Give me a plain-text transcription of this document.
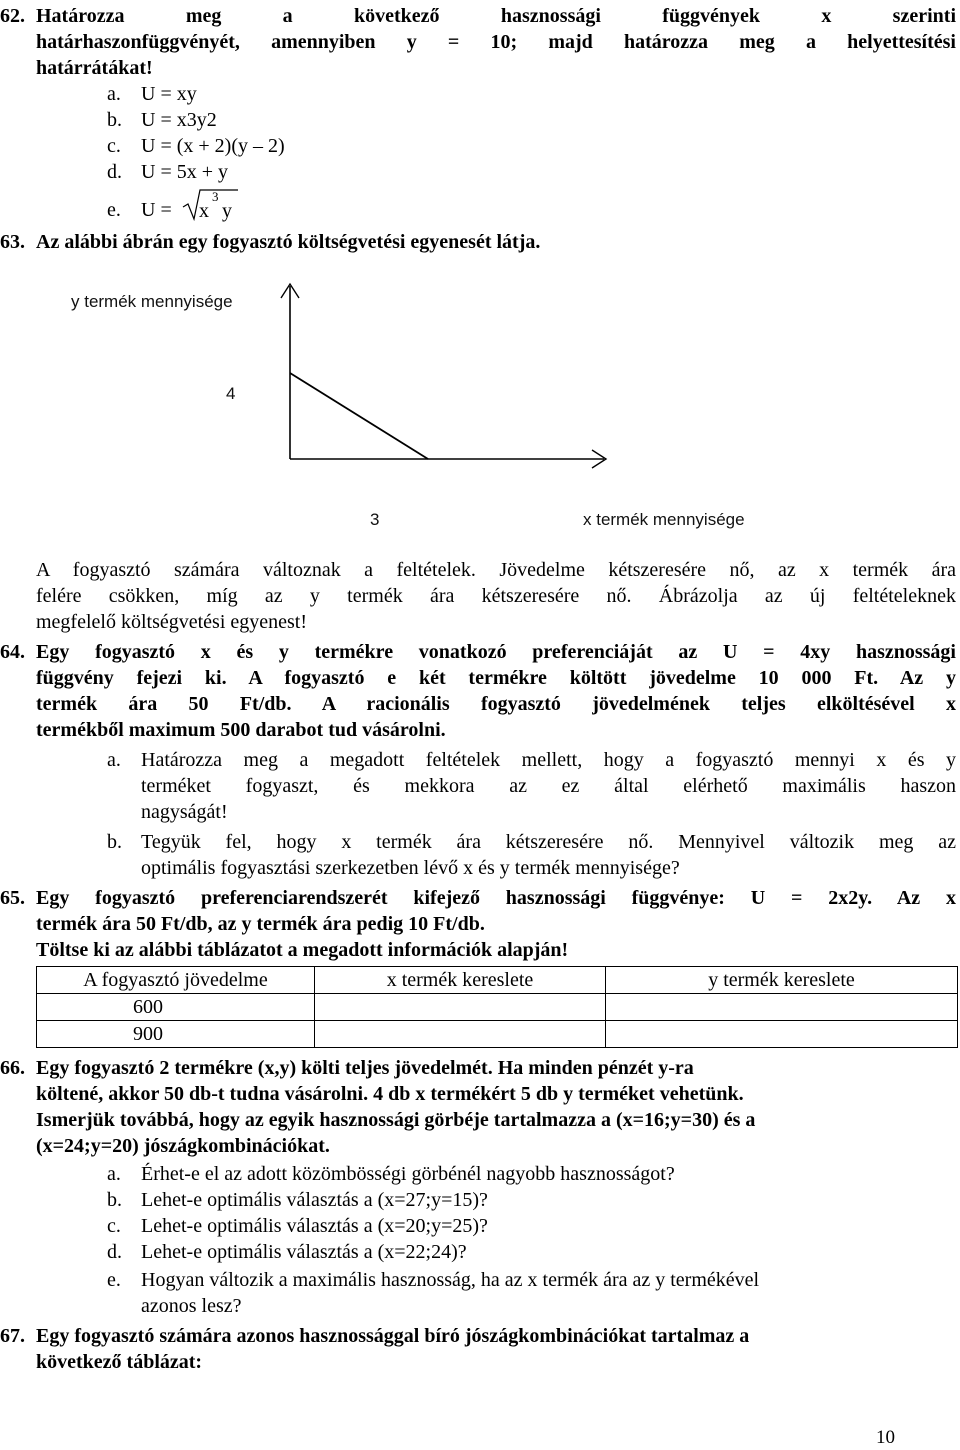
62. Határozza meg a következő hasznossági függvények x szerinti
határhaszonfüggvényét, amennyiben y = 10; majd határozza meg a helyettesítési
határrátákat!
a. U = xy
b. U = x3y2
c. U = (x + 2)(y – 2)
d. U = 5x + y
e. U = x
3
y
63. Az alábbi ábrán egy fogyasztó költségvetési egyenesét látja.
y termék mennyisége
4
3	x termék mennyisége
A fogyasztó számára változnak a feltételek. Jövedelme kétszeresére nő, az x termék ára
felére csökken, míg az y termék ára kétszeresére nő. Ábrázolja az új feltételeknek
megfelelő költségvetési egyenest!
64. Egy fogyasztó x és y termékre vonatkozó preferenciáját az U = 4xy hasznossági
függvény fejezi ki. A fogyasztó e két termékre költött jövedelme 10 000 Ft. Az y
termék ára 50 Ft/db. A racionális fogyasztó jövedelmének teljes elköltésével x
termékből maximum 500 darabot tud vásárolni.
a. Határozza meg a megadott feltételek mellett, hogy a fogyasztó mennyi x és y
terméket fogyaszt, és mekkora az ez által elérhető maximális haszon
nagyságát!
b. Tegyük fel, hogy x termék ára kétszeresére nő. Mennyivel változik meg az
optimális fogyasztási szerkezetben lévő x és y termék mennyisége?
65. Egy fogyasztó preferenciarendszerét kifejező hasznossági függvénye: U = 2x2y. Az x
termék ára 50 Ft/db, az y termék ára pedig 10 Ft/db.
Töltse ki az alábbi táblázatot a megadott információk alapján!
A fogyasztó jövedelme	x termék kereslete	y termék kereslete
600		
900		
66. Egy fogyasztó 2 termékre (x,y) költi teljes jövedelmét. Ha minden pénzét y-ra
költené, akkor 50 db-t tudna vásárolni. 4 db x termékért 5 db y terméket vehetünk.
Ismerjük továbbá, hogy az egyik hasznossági görbéje tartalmazza a (x=16;y=30) és a
(x=24;y=20) jószágkombinációkat.
a. Érhet-e el az adott közömbösségi görbénél nagyobb hasznosságot?
b. Lehet-e optimális választás a (x=27;y=15)?
c. Lehet-e optimális választás a (x=20;y=25)?
d. Lehet-e optimális választás a (x=22;24)?
e. Hogyan változik a maximális hasznosság, ha az x termék ára az y termékével
azonos lesz?
67. Egy fogyasztó számára azonos hasznossággal bíró jószágkombinációkat tartalmaz a
következő táblázat:
10
